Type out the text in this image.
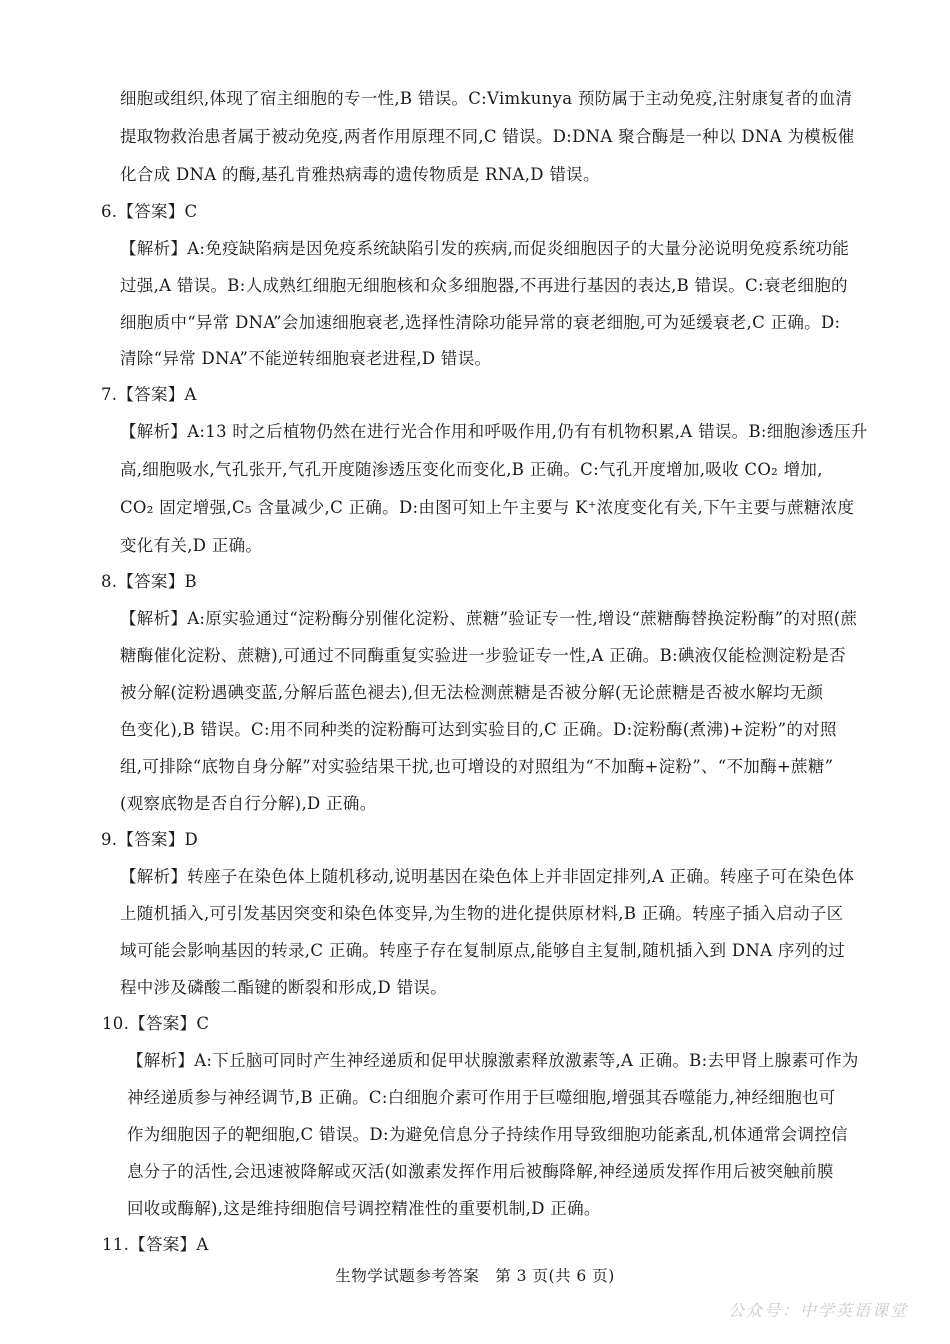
细胞或组织,体现了宿主细胞的专一性,B 错误。C:Vimkunya 预防属于主动免疫,注射康复者的血清
提取物救治患者属于被动免疫,两者作用原理不同,C 错误。D:DNA 聚合酶是一种以 DNA 为模板催
化合成 DNA 的酶,基孔肯雅热病毒的遗传物质是 RNA,D 错误。
6.【答案】C
【解析】A:免疫缺陷病是因免疫系统缺陷引发的疾病,而促炎细胞因子的大量分泌说明免疫系统功能
过强,A 错误。B:人成熟红细胞无细胞核和众多细胞器,不再进行基因的表达,B 错误。C:衰老细胞的
细胞质中“异常 DNA”会加速细胞衰老,选择性清除功能异常的衰老细胞,可为延缓衰老,C 正确。D:
清除“异常 DNA”不能逆转细胞衰老进程,D 错误。
7.【答案】A
【解析】A:13 时之后植物仍然在进行光合作用和呼吸作用,仍有有机物积累,A 错误。B:细胞渗透压升
高,细胞吸水,气孔张开,气孔开度随渗透压变化而变化,B 正确。C:气孔开度增加,吸收 CO₂ 增加,
CO₂ 固定增强,C₅ 含量减少,C 正确。D:由图可知上午主要与 K⁺浓度变化有关,下午主要与蔗糖浓度
变化有关,D 正确。
8.【答案】B
【解析】A:原实验通过“淀粉酶分别催化淀粉、蔗糖”验证专一性,增设“蔗糖酶替换淀粉酶”的对照(蔗
糖酶催化淀粉、蔗糖),可通过不同酶重复实验进一步验证专一性,A 正确。B:碘液仅能检测淀粉是否
被分解(淀粉遇碘变蓝,分解后蓝色褪去),但无法检测蔗糖是否被分解(无论蔗糖是否被水解均无颜
色变化),B 错误。C:用不同种类的淀粉酶可达到实验目的,C 正确。D:淀粉酶(煮沸)+淀粉”的对照
组,可排除“底物自身分解”对实验结果干扰,也可增设的对照组为“不加酶+淀粉”、“不加酶+蔗糖”
(观察底物是否自行分解),D 正确。
9.【答案】D
【解析】转座子在染色体上随机移动,说明基因在染色体上并非固定排列,A 正确。转座子可在染色体
上随机插入,可引发基因突变和染色体变异,为生物的进化提供原材料,B 正确。转座子插入启动子区
域可能会影响基因的转录,C 正确。转座子存在复制原点,能够自主复制,随机插入到 DNA 序列的过
程中涉及磷酸二酯键的断裂和形成,D 错误。
10.【答案】C
【解析】A:下丘脑可同时产生神经递质和促甲状腺激素释放激素等,A 正确。B:去甲肾上腺素可作为
神经递质参与神经调节,B 正确。C:白细胞介素可作用于巨噬细胞,增强其吞噬能力,神经细胞也可
作为细胞因子的靶细胞,C 错误。D:为避免信息分子持续作用导致细胞功能紊乱,机体通常会调控信
息分子的活性,会迅速被降解或灭活(如激素发挥作用后被酶降解,神经递质发挥作用后被突触前膜
回收或酶解),这是维持细胞信号调控精准性的重要机制,D 正确。
11.【答案】A
生物学试题参考答案　第 3 页(共 6 页)
公众号：中学英语课堂
